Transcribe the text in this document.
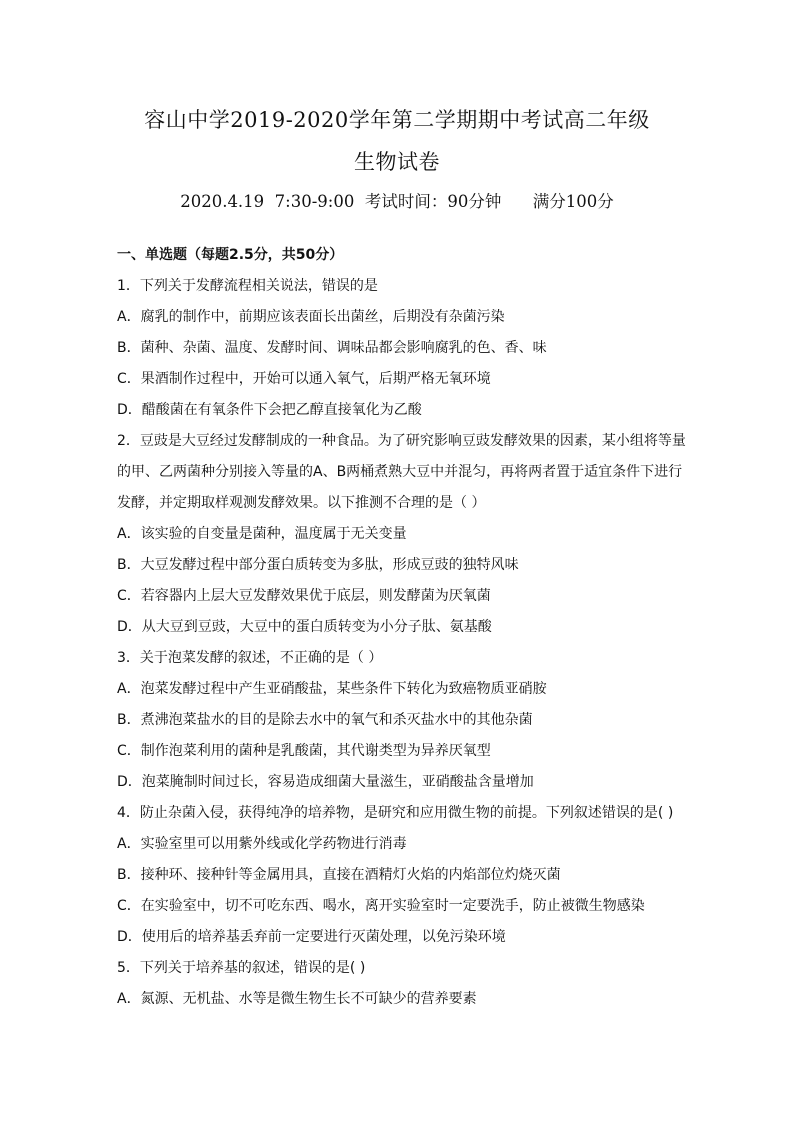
容山中学2019-2020学年第二学期期中考试高二年级
生物试卷
2020.4.19  7:30-9:00  考试时间：90分钟      满分100分
一、单选题（每题2.5分，共50分）
1．下列关于发酵流程相关说法，错误的是
A．腐乳的制作中，前期应该表面长出菌丝，后期没有杂菌污染
B．菌种、杂菌、温度、发酵时间、调味品都会影响腐乳的色、香、味
C．果酒制作过程中，开始可以通入氧气，后期严格无氧环境
D．醋酸菌在有氧条件下会把乙醇直接氧化为乙酸
2．豆豉是大豆经过发酵制成的一种食品。为了研究影响豆豉发酵效果的因素，某小组将等量
的甲、乙两菌种分别接入等量的A、B两桶煮熟大豆中并混匀，再将两者置于适宜条件下进行
发酵，并定期取样观测发酵效果。以下推测不合理的是（ ）
A．该实验的自变量是菌种，温度属于无关变量
B．大豆发酵过程中部分蛋白质转变为多肽，形成豆豉的独特风味
C．若容器内上层大豆发酵效果优于底层，则发酵菌为厌氧菌
D．从大豆到豆豉，大豆中的蛋白质转变为小分子肽、氨基酸
3．关于泡菜发酵的叙述，不正确的是（ ）
A．泡菜发酵过程中产生亚硝酸盐，某些条件下转化为致癌物质亚硝胺
B．煮沸泡菜盐水的目的是除去水中的氧气和杀灭盐水中的其他杂菌
C．制作泡菜利用的菌种是乳酸菌，其代谢类型为异养厌氧型
D．泡菜腌制时间过长，容易造成细菌大量滋生，亚硝酸盐含量增加
4．防止杂菌入侵，获得纯净的培养物，是研究和应用微生物的前提。下列叙述错误的是( )
A．实验室里可以用紫外线或化学药物进行消毒
B．接种环、接种针等金属用具，直接在酒精灯火焰的内焰部位灼烧灭菌
C．在实验室中，切不可吃东西、喝水，离开实验室时一定要洗手，防止被微生物感染
D．使用后的培养基丢弃前一定要进行灭菌处理，以免污染环境
5．下列关于培养基的叙述，错误的是( )
A．氮源、无机盐、水等是微生物生长不可缺少的营养要素
